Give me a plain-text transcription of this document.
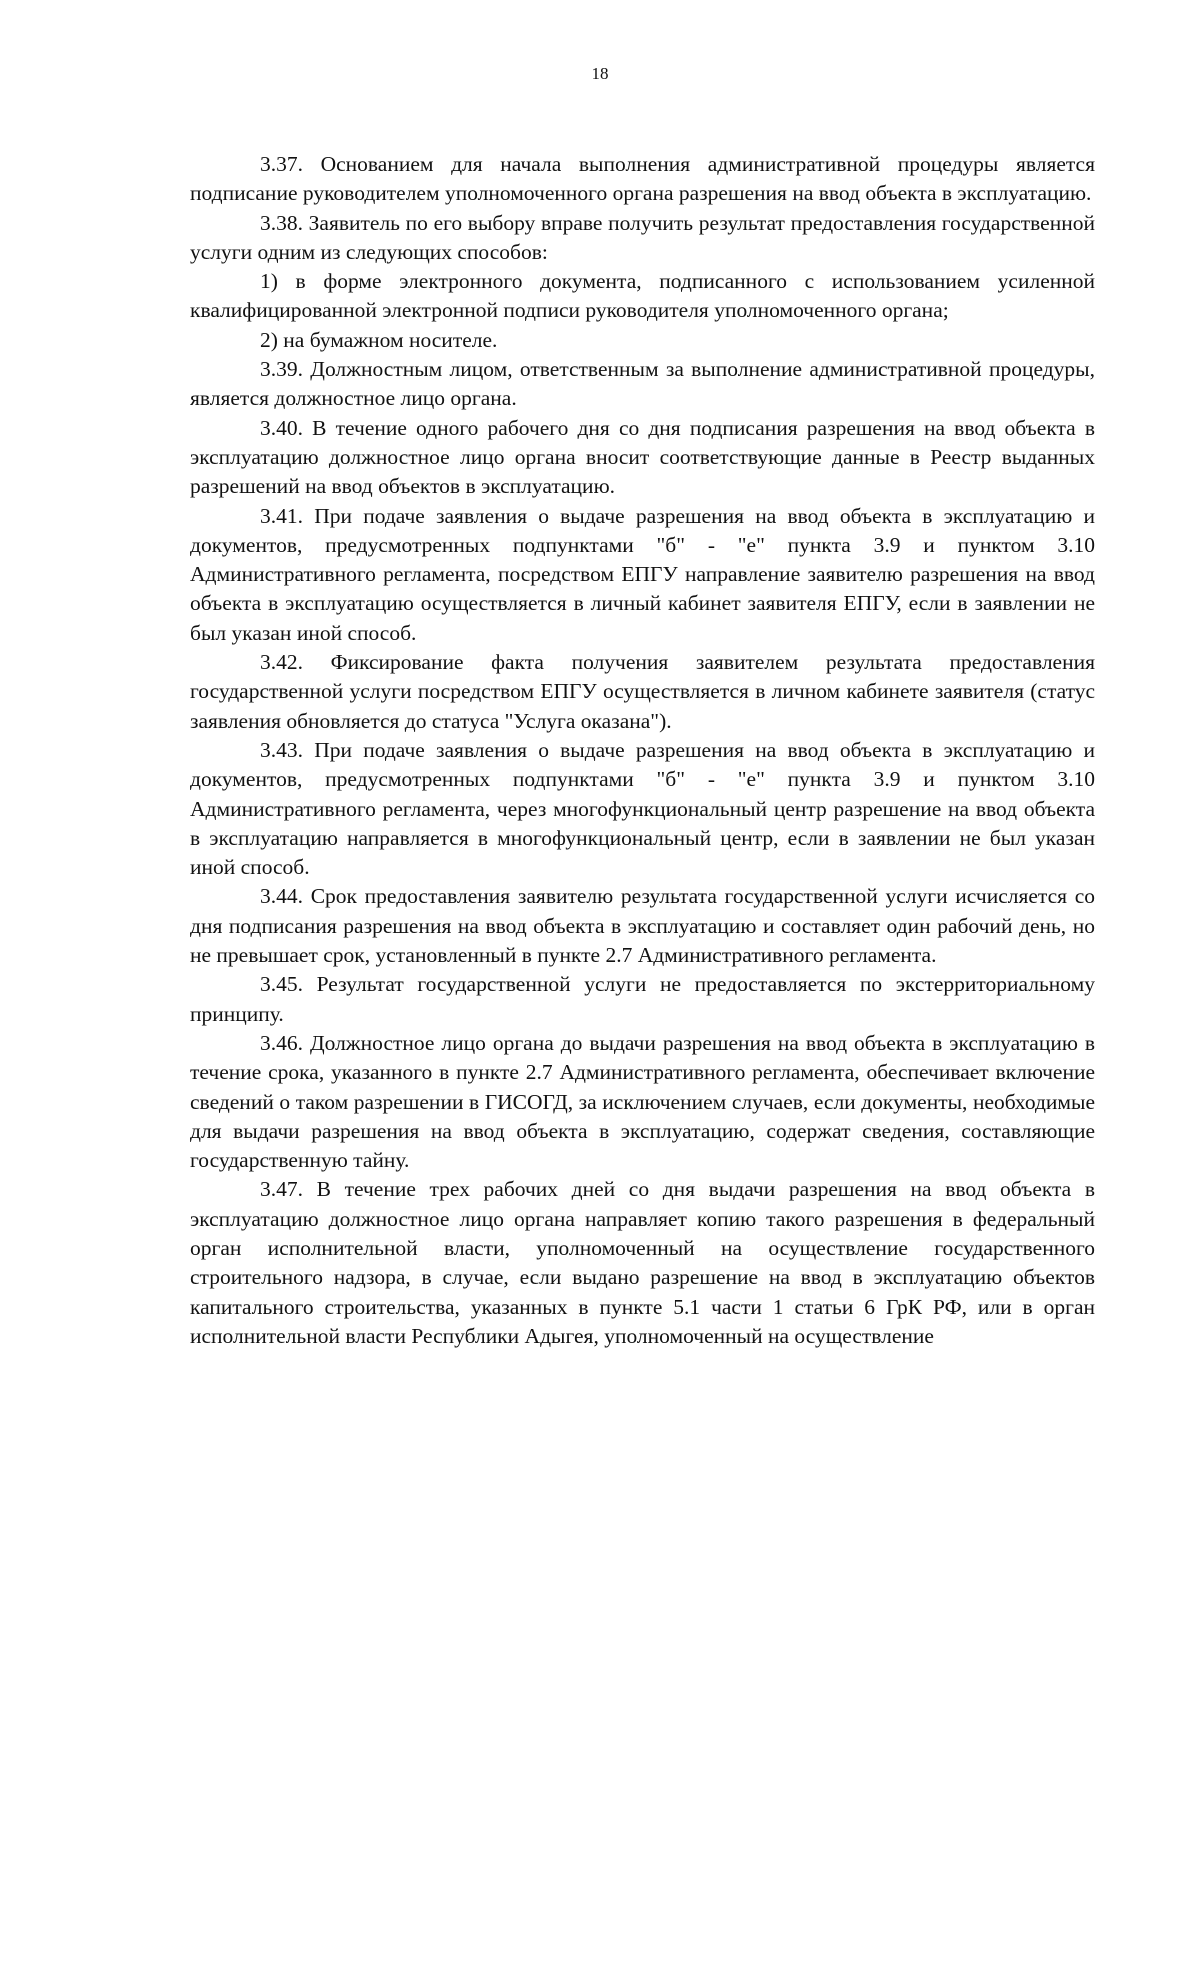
18

3.37. Основанием для начала выполнения административной процедуры является подписание руководителем уполномоченного органа разрешения на ввод объекта в эксплуатацию.

3.38. Заявитель по его выбору вправе получить результат предоставления государственной услуги одним из следующих способов:

1) в форме электронного документа, подписанного с использованием усиленной квалифицированной электронной подписи руководителя уполномоченного органа;

2) на бумажном носителе.

3.39. Должностным лицом, ответственным за выполнение административной процедуры, является должностное лицо органа.

3.40. В течение одного рабочего дня со дня подписания разрешения на ввод объекта в эксплуатацию должностное лицо органа вносит соответствующие данные в Реестр выданных разрешений на ввод объектов в эксплуатацию.

3.41. При подаче заявления о выдаче разрешения на ввод объекта в эксплуатацию и документов, предусмотренных подпунктами "б" - "е" пункта 3.9 и пунктом 3.10 Административного регламента, посредством ЕПГУ направление заявителю разрешения на ввод объекта в эксплуатацию осуществляется в личный кабинет заявителя ЕПГУ, если в заявлении не был указан иной способ.

3.42. Фиксирование факта получения заявителем результата предоставления государственной услуги посредством ЕПГУ осуществляется в личном кабинете заявителя (статус заявления обновляется до статуса "Услуга оказана").

3.43. При подаче заявления о выдаче разрешения на ввод объекта в эксплуатацию и документов, предусмотренных подпунктами "б" - "е" пункта 3.9 и пунктом 3.10 Административного регламента, через многофункциональный центр разрешение на ввод объекта в эксплуатацию направляется в многофункциональный центр, если в заявлении не был указан иной способ.

3.44. Срок предоставления заявителю результата государственной услуги исчисляется со дня подписания разрешения на ввод объекта в эксплуатацию и составляет один рабочий день, но не превышает срок, установленный в пункте 2.7 Административного регламента.

3.45. Результат государственной услуги не предоставляется по экстерриториальному принципу.

3.46. Должностное лицо органа до выдачи разрешения на ввод объекта в эксплуатацию в течение срока, указанного в пункте 2.7 Административного регламента, обеспечивает включение сведений о таком разрешении в ГИСОГД, за исключением случаев, если документы, необходимые для выдачи разрешения на ввод объекта в эксплуатацию, содержат сведения, составляющие государственную тайну.

3.47. В течение трех рабочих дней со дня выдачи разрешения на ввод объекта в эксплуатацию должностное лицо органа направляет копию такого разрешения в федеральный орган исполнительной власти, уполномоченный на осуществление государственного строительного надзора, в случае, если выдано разрешение на ввод в эксплуатацию объектов капитального строительства, указанных в пункте 5.1 части 1 статьи 6 ГрК РФ, или в орган исполнительной власти Республики Адыгея, уполномоченный на осуществление
